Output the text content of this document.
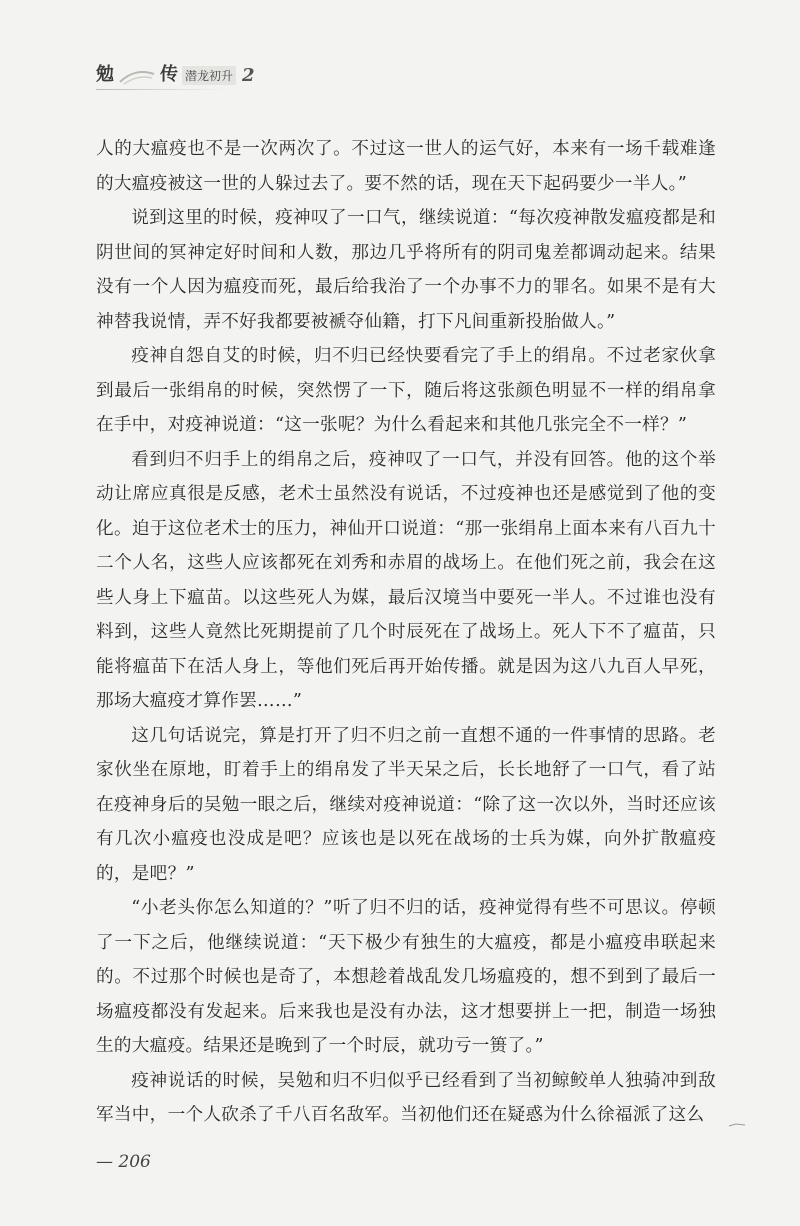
勉	传 潜龙初升 2

人的大瘟疫也不是一次两次了。不过这一世人的运气好，本来有一场千载难逢的大瘟疫被这一世的人躲过去了。要不然的话，现在天下起码要少一半人。”

说到这里的时候，疫神叹了一口气，继续说道：“每次疫神散发瘟疫都是和阴世间的冥神定好时间和人数，那边几乎将所有的阴司鬼差都调动起来。结果没有一个人因为瘟疫而死，最后给我治了一个办事不力的罪名。如果不是有大神替我说情，弄不好我都要被褫夺仙籍，打下凡间重新投胎做人。”

疫神自怨自艾的时候，归不归已经快要看完了手上的绢帛。不过老家伙拿到最后一张绢帛的时候，突然愣了一下，随后将这张颜色明显不一样的绢帛拿在手中，对疫神说道：“这一张呢？为什么看起来和其他几张完全不一样？”

看到归不归手上的绢帛之后，疫神叹了一口气，并没有回答。他的这个举动让席应真很是反感，老术士虽然没有说话，不过疫神也还是感觉到了他的变化。迫于这位老术士的压力，神仙开口说道：“那一张绢帛上面本来有八百九十二个人名，这些人应该都死在刘秀和赤眉的战场上。在他们死之前，我会在这些人身上下瘟苗。以这些死人为媒，最后汉境当中要死一半人。不过谁也没有料到，这些人竟然比死期提前了几个时辰死在了战场上。死人下不了瘟苗，只能将瘟苗下在活人身上，等他们死后再开始传播。就是因为这八九百人早死，那场大瘟疫才算作罢……”

这几句话说完，算是打开了归不归之前一直想不通的一件事情的思路。老家伙坐在原地，盯着手上的绢帛发了半天呆之后，长长地舒了一口气，看了站在疫神身后的吴勉一眼之后，继续对疫神说道：“除了这一次以外，当时还应该有几次小瘟疫也没成是吧？应该也是以死在战场的士兵为媒，向外扩散瘟疫的，是吧？”

“小老头你怎么知道的？”听了归不归的话，疫神觉得有些不可思议。停顿了一下之后，他继续说道：“天下极少有独生的大瘟疫，都是小瘟疫串联起来的。不过那个时候也是奇了，本想趁着战乱发几场瘟疫的，想不到到了最后一场瘟疫都没有发起来。后来我也是没有办法，这才想要拼上一把，制造一场独生的大瘟疫。结果还是晚到了一个时辰，就功亏一篑了。”

疫神说话的时候，吴勉和归不归似乎已经看到了当初鲸鲛单人独骑冲到敌军当中，一个人砍杀了千八百名敌军。当初他们还在疑惑为什么徐福派了这么

— 206
